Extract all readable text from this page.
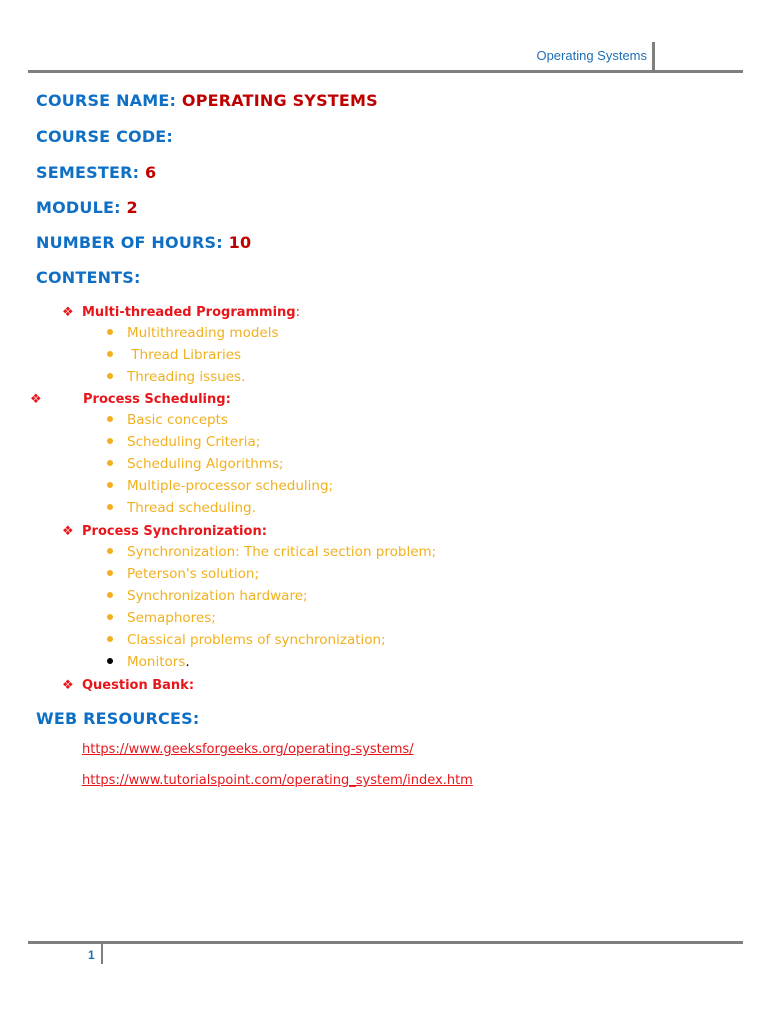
Operating Systems
COURSE NAME: OPERATING SYSTEMS
COURSE CODE:
SEMESTER: 6
MODULE: 2
NUMBER OF HOURS: 10
CONTENTS:
❖ Multi-threaded Programming:
Multithreading models
Thread Libraries
Threading issues.
❖	Process Scheduling:
Basic concepts
Scheduling Criteria;
Scheduling Algorithms;
Multiple-processor scheduling;
Thread scheduling.
❖ Process Synchronization:
Synchronization: The critical section problem;
Peterson's solution;
Synchronization hardware;
Semaphores;
Classical problems of synchronization;
Monitors.
❖ Question Bank:
WEB RESOURCES:
https://www.geeksforgeeks.org/operating-systems/
https://www.tutorialspoint.com/operating_system/index.htm
1
